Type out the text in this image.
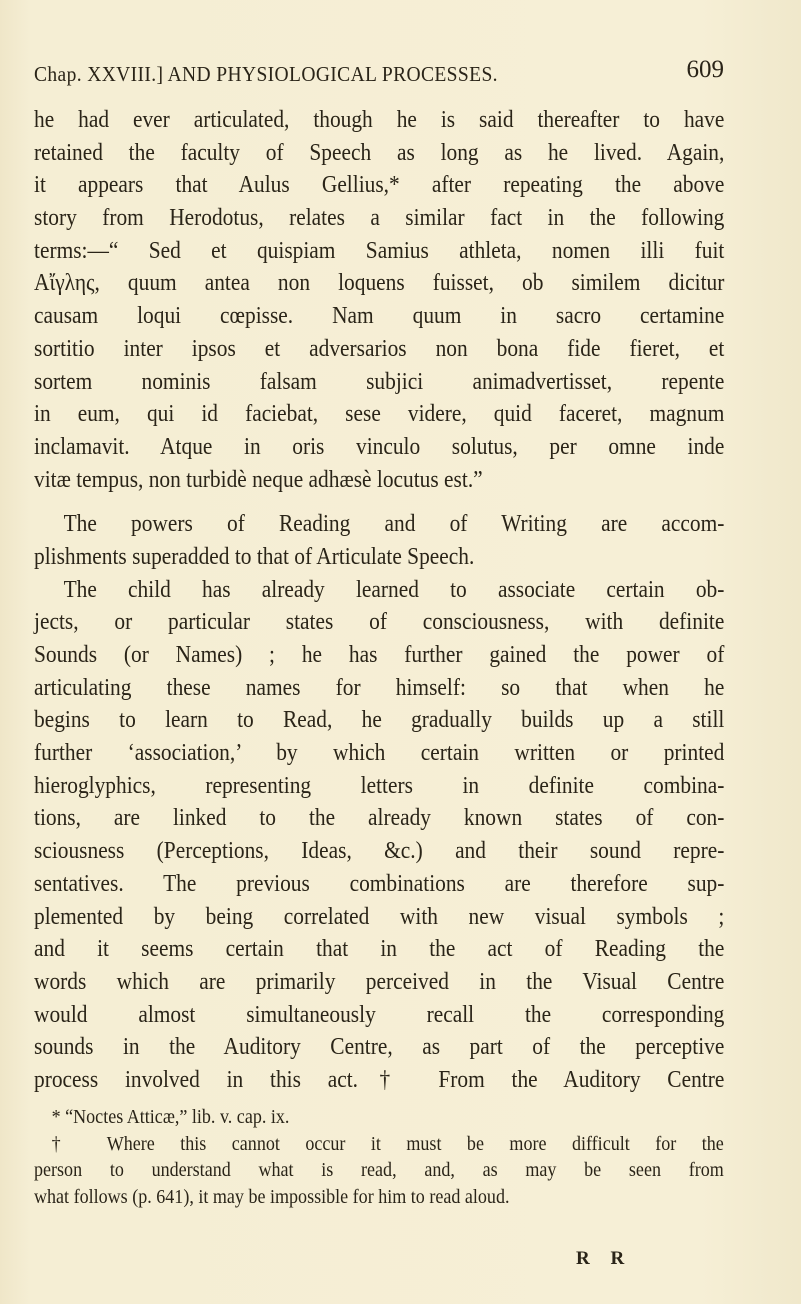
Chap. XXVIII.] AND PHYSIOLOGICAL PROCESSES.	609
he had ever articulated, though he is said thereafter to have
retained the faculty of Speech as long as he lived. Again,
it appears that Aulus Gellius,* after repeating the above
story from Herodotus, relates a similar fact in the following
terms:—“ Sed et quispiam Samius athleta, nomen illi fuit
Αἴγλης, quum antea non loquens fuisset, ob similem dicitur
causam loqui cœpisse. Nam quum in sacro certamine
sortitio inter ipsos et adversarios non bona fide fieret, et
sortem nominis falsam subjici animadvertisset, repente
in eum, qui id faciebat, sese videre, quid faceret, magnum
inclamavit. Atque in oris vinculo solutus, per omne inde
vitæ tempus, non turbidè neque adhæsè locutus est.”
The powers of Reading and of Writing are accom-
plishments superadded to that of Articulate Speech.
The child has already learned to associate certain ob-
jects, or particular states of consciousness, with definite
Sounds (or Names) ; he has further gained the power of
articulating these names for himself: so that when he
begins to learn to Read, he gradually builds up a still
further ‘association,’ by which certain written or printed
hieroglyphics, representing letters in definite combina-
tions, are linked to the already known states of con-
sciousness (Perceptions, Ideas, &c.) and their sound repre-
sentatives. The previous combinations are therefore sup-
plemented by being correlated with new visual symbols ;
and it seems certain that in the act of Reading the
words which are primarily perceived in the Visual Centre
would almost simultaneously recall the corresponding
sounds in the Auditory Centre, as part of the perceptive
process involved in this act.† From the Auditory Centre
* “Noctes Atticæ,” lib. v. cap. ix.
† Where this cannot occur it must be more difficult for the
person to understand what is read, and, as may be seen from
what follows (p. 641), it may be impossible for him to read aloud.
R R
